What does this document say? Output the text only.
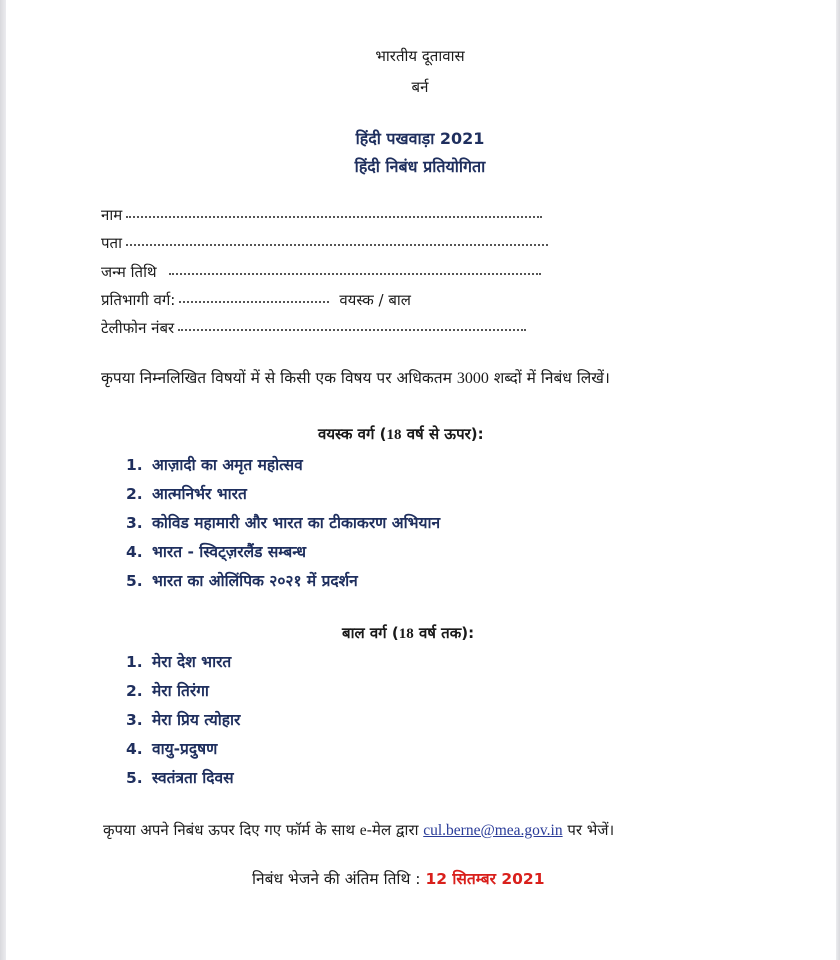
भारतीय दूतावास
बर्न
हिंदी पखवाड़ा 2021
हिंदी निबंध प्रतियोगिता
नाम
पता
जन्म तिथि
प्रतिभागी वर्ग:	वयस्क / बाल
टेलीफोन नंबर
कृपया निम्नलिखित विषयों में से किसी एक विषय पर अधिकतम 3000 शब्दों में निबंध लिखें।
वयस्क वर्ग (18 वर्ष से ऊपर):
1. आज़ादी का अमृत महोत्सव
2. आत्मनिर्भर भारत
3. कोविड महामारी और भारत का टीकाकरण अभियान
4. भारत - स्विट्ज़रलैंड सम्बन्ध
5. भारत का ओलिंपिक २०२१ में प्रदर्शन
बाल वर्ग (18 वर्ष तक):
1. मेरा देश भारत
2. मेरा तिरंगा
3. मेरा प्रिय त्योहार
4. वायु-प्रदुषण
5. स्वतंत्रता दिवस
कृपया अपने निबंध ऊपर दिए गए फॉर्म के साथ e-मेल द्वारा cul.berne@mea.gov.in पर भेजें।
निबंध भेजने की अंतिम तिथि : 12 सितम्बर 2021
